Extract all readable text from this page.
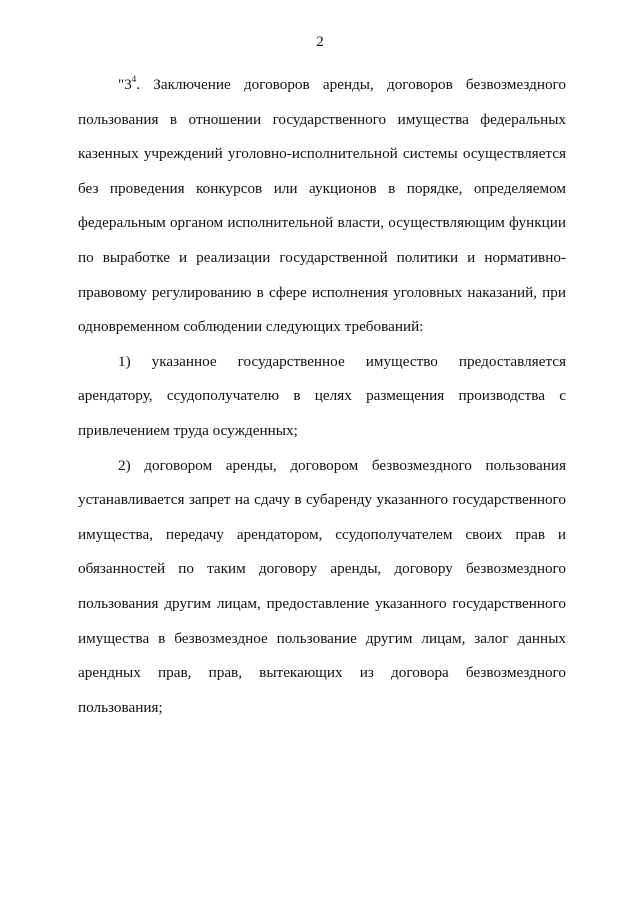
2

"$3^4$. Заключение договоров аренды, договоров безвозмездного
пользования в отношении государственного имущества федеральных
казенных учреждений уголовно-исполнительной системы осуществляется
без проведения конкурсов или аукционов в порядке, определяемом
федеральным органом исполнительной власти, осуществляющим функции
по выработке и реализации государственной политики и нормативно-
правовому регулированию в сфере исполнения уголовных наказаний, при
одновременном соблюдении следующих требований:

1) указанное государственное имущество предоставляется
арендатору, ссудополучателю в целях размещения производства с
привлечением труда осужденных;

2) договором аренды, договором безвозмездного пользования
устанавливается запрет на сдачу в субаренду указанного государственного
имущества, передачу арендатором, ссудополучателем своих прав и
обязанностей по таким договору аренды, договору безвозмездного
пользования другим лицам, предоставление указанного государственного
имущества в безвозмездное пользование другим лицам, залог данных
арендных прав, прав, вытекающих из договора безвозмездного
пользования;
